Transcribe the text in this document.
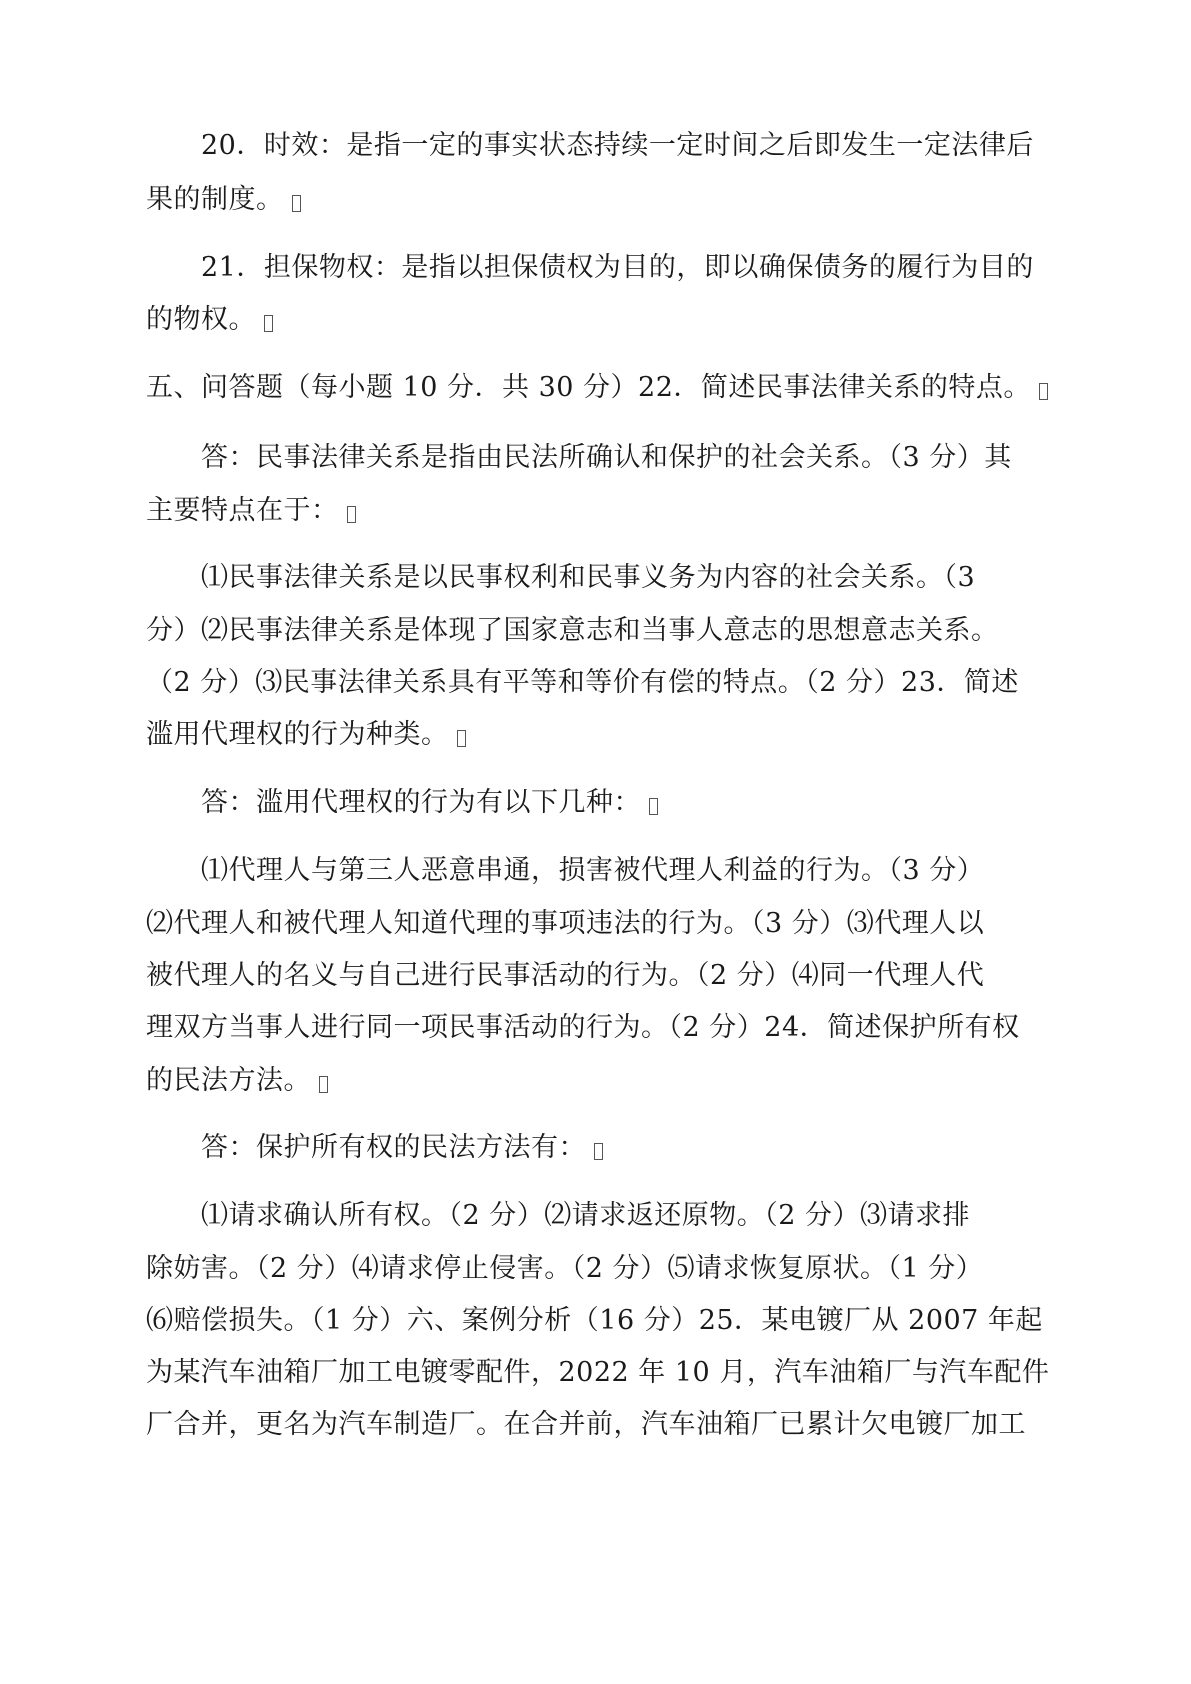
20．时效：是指一定的事实状态持续一定时间之后即发生一定法律后
果的制度。
21．担保物权：是指以担保债权为目的，即以确保债务的履行为目的
的物权。
五、问答题（每小题 10 分．共 30 分）22．简述民事法律关系的特点。
答：民事法律关系是指由民法所确认和保护的社会关系。（3 分）其
主要特点在于：
⑴民事法律关系是以民事权利和民事义务为内容的社会关系。（3
分）⑵民事法律关系是体现了国家意志和当事人意志的思想意志关系。
（2 分）⑶民事法律关系具有平等和等价有偿的特点。（2 分）23．简述
滥用代理权的行为种类。
答：滥用代理权的行为有以下几种：
⑴代理人与第三人恶意串通，损害被代理人利益的行为。（3 分）
⑵代理人和被代理人知道代理的事项违法的行为。（3 分）⑶代理人以
被代理人的名义与自己进行民事活动的行为。（2 分）⑷同一代理人代
理双方当事人进行同一项民事活动的行为。（2 分）24．简述保护所有权
的民法方法。
答：保护所有权的民法方法有：
⑴请求确认所有权。（2 分）⑵请求返还原物。（2 分）⑶请求排
除妨害。（2 分）⑷请求停止侵害。（2 分）⑸请求恢复原状。（1 分）
⑹赔偿损失。（1 分）六、案例分析（16 分）25．某电镀厂从 2007 年起
为某汽车油箱厂加工电镀零配件，2022 年 10 月，汽车油箱厂与汽车配件
厂合并，更名为汽车制造厂。在合并前，汽车油箱厂已累计欠电镀厂加工
